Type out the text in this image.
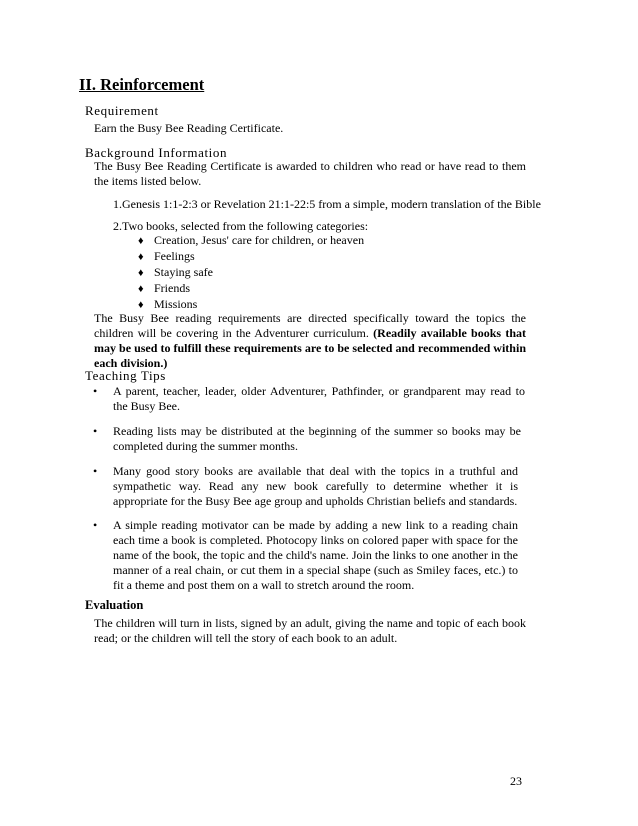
II. Reinforcement
Requirement
Earn the Busy Bee Reading Certificate.
Background Information
The Busy Bee Reading Certificate is awarded to children who read or have read to them the items listed below.
1.Genesis 1:1-2:3 or Revelation 21:1-22:5 from a simple, modern translation of the Bible
2.Two books, selected from the following categories:
♦ Creation, Jesus' care for children, or heaven
♦ Feelings
♦ Staying safe
♦ Friends
♦ Missions
The Busy Bee reading requirements are directed specifically toward the topics the children will be covering in the Adventurer curriculum. (Readily available books that may be used to fulfill these requirements are to be selected and recommended within each division.)
Teaching Tips
• A parent, teacher, leader, older Adventurer, Pathfinder, or grandparent may read to the Busy Bee.
• Reading lists may be distributed at the beginning of the summer so books may be completed during the summer months.
• Many good story books are available that deal with the topics in a truthful and sympathetic way. Read any new book carefully to determine whether it is appropriate for the Busy Bee age group and upholds Christian beliefs and standards.
• A simple reading motivator can be made by adding a new link to a reading chain each time a book is completed. Photocopy links on colored paper with space for the name of the book, the topic and the child's name. Join the links to one another in the manner of a real chain, or cut them in a special shape (such as Smiley faces, etc.) to fit a theme and post them on a wall to stretch around the room.
Evaluation
The children will turn in lists, signed by an adult, giving the name and topic of each book read; or the children will tell the story of each book to an adult.
23
